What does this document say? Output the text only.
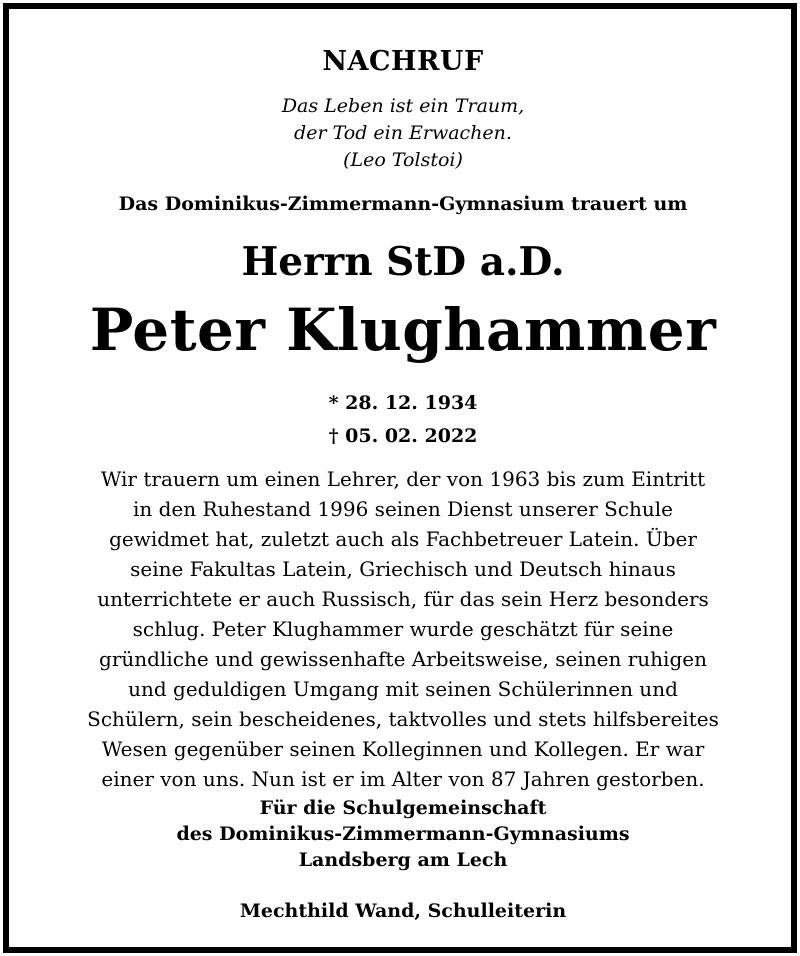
NACHRUF
Das Leben ist ein Traum,
der Tod ein Erwachen.
(Leo Tolstoi)
Das Dominikus-Zimmermann-Gymnasium trauert um
Herrn StD a.D.
Peter Klughammer
* 28. 12. 1934
† 05. 02. 2022
Wir trauern um einen Lehrer, der von 1963 bis zum Eintritt
in den Ruhestand 1996 seinen Dienst unserer Schule
gewidmet hat, zuletzt auch als Fachbetreuer Latein. Über
seine Fakultas Latein, Griechisch und Deutsch hinaus
unterrichtete er auch Russisch, für das sein Herz besonders
schlug. Peter Klughammer wurde geschätzt für seine
gründliche und gewissenhafte Arbeitsweise, seinen ruhigen
und geduldigen Umgang mit seinen Schülerinnen und
Schülern, sein bescheidenes, taktvolles und stets hilfsbereites
Wesen gegenüber seinen Kolleginnen und Kollegen. Er war
einer von uns. Nun ist er im Alter von 87 Jahren gestorben.
Für die Schulgemeinschaft
des Dominikus-Zimmermann-Gymnasiums
Landsberg am Lech
Mechthild Wand, Schulleiterin
